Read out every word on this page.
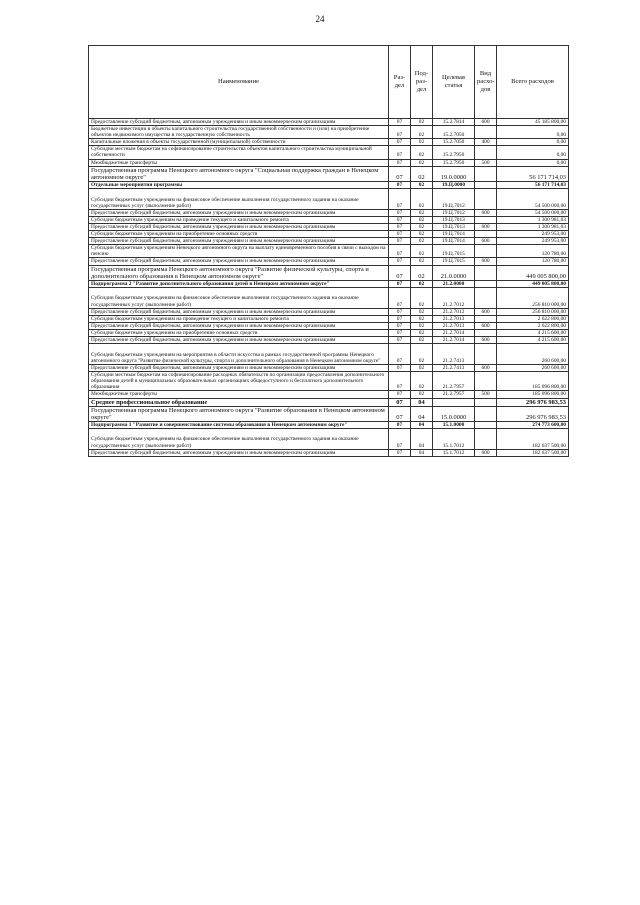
24
Наименование	Раз-дел	Под-раз-дел	Целевая статья	Вид расхо-дов	Всего расходов
Предоставление субсидий бюджетным, автономным учреждениям и иным некоммерческим организациям	07	02	15.2.7814	600	45 185 800,00
Бюджетные инвестиции в объекты капитального строительства государственной собственности и (или) на приобретение объектов недвижимого имущества в государственную собственность	07	02	15.2.7050		0,00
Капитальные вложения в объекты государственной (муниципальной) собственности	07	02	15.2.7050	400	0,00
Субсидии местным бюджетам на софинансирование строительства объектов капитального строительства муниципальной собственности	07	02	15.2.7950		0,00
Межбюджетные трансферты	07	02	15.2.7950	500	0,00
Государственная программа Ненецкого автономного округа "Социальная поддержка граждан в Ненецком автономном округе"	07	02	19.0.0000		56 171 714,03
Отдельные мероприятия программы	07	02	19.Ц.0000		56 171 714,03
Субсидии бюджетным учреждениям на финансовое обеспечение выполнения государственного задания на оказание государственных услуг (выполнение работ)	07	02	19.Ц.7012		54 500 000,00
Предоставление субсидий бюджетным, автономным учреждениям и иным некоммерческим организациям	07	02	19.Ц.7012	600	54 500 000,00
Субсидии бюджетным учреждениям на проведение текущего и капитального ремонта	07	02	19.Ц.7013		1 300 981,03
Предоставление субсидий бюджетным, автономным учреждениям и иным некоммерческим организациям	07	02	19.Ц.7013	600	1 300 981,03
Субсидии бюджетным учреждениям на приобретение основных средств	07	02	19.Ц.7014		249 953,00
Предоставление субсидий бюджетным, автономным учреждениям и иным некоммерческим организациям	07	02	19.Ц.7014	600	249 953,00
Субсидии бюджетным учреждениям Ненецкого автономного округа на выплату единовременного пособия в связи с выходом на пенсию	07	02	19.Ц.7015		120 780,00
Предоставление субсидий бюджетным, автономным учреждениям и иным некоммерческим организациям	07	02	19.Ц.7015	600	120 780,00
Государственная программа Ненецкого автономного округа "Развитие физической культуры, спорта и дополнительного образования в Ненецком автономном округе"	07	02	21.0.0000		449 005 800,00
Подпрограмма 2 "Развитие дополнительного образования детей в Ненецком автономном округе"	07	02	21.2.0000		449 005 800,00
Субсидии бюджетным учреждениям на финансовое обеспечение выполнения государственного задания на оказание государственных услуг (выполнение работ)	07	02	21.2.7012		256 810 000,00
Предоставление субсидий бюджетным, автономным учреждениям и иным некоммерческим организациям	07	02	21.2.7012	600	256 810 000,00
Субсидии бюджетным учреждениям на проведение текущего и капитального ремонта	07	02	21.2.7013		2 622 800,00
Предоставление субсидий бюджетным, автономным учреждениям и иным некоммерческим организациям	07	02	21.2.7013	600	2 622 800,00
Субсидии бюджетным учреждениям на приобретение основных средств	07	02	21.2.7014		4 215 600,00
Предоставление субсидий бюджетным, автономным учреждениям и иным некоммерческим организациям	07	02	21.2.7014	600	4 215 600,00
Субсидии бюджетным учреждениям на мероприятия в области искусства в рамках государственной программы Ненецкого автономного округа "Развитие физической культуры, спорта и дополнительного образования в Ненецком автономном округе"	07	02	21.2.7413		260 600,00
Предоставление субсидий бюджетным, автономным учреждениям и иным некоммерческим организациям	07	02	21.2.7413	600	260 600,00
Субсидии местным бюджетам на софинансирование расходных обязательств по организации предоставления дополнительного образования детей в муниципальных образовательных организациях общедоступного и бесплатного дополнительного образования	07	02	21.2.7957		185 096 800,00
Межбюджетные трансферты	07	02	21.2.7957	500	185 096 800,00
Среднее профессиональное образование	07	04			296 976 983,53
Государственная программа Ненецкого автономного округа "Развитие образования в Ненецком автономном округе"	07	04	15.0.0000		296 976 983,53
Подпрограмма 1 "Развитие и совершенствование системы образования в Ненецком автономном округе"	07	04	15.1.0000		274 773 600,00
Субсидии бюджетным учреждениям на финансовое обеспечение выполнения государственного задания на оказание государственных услуг (выполнение работ)	07	04	15.1.7012		182 637 500,00
Предоставление субсидий бюджетным, автономным учреждениям и иным некоммерческим организациям	07	04	15.1.7012	600	182 637 500,00
